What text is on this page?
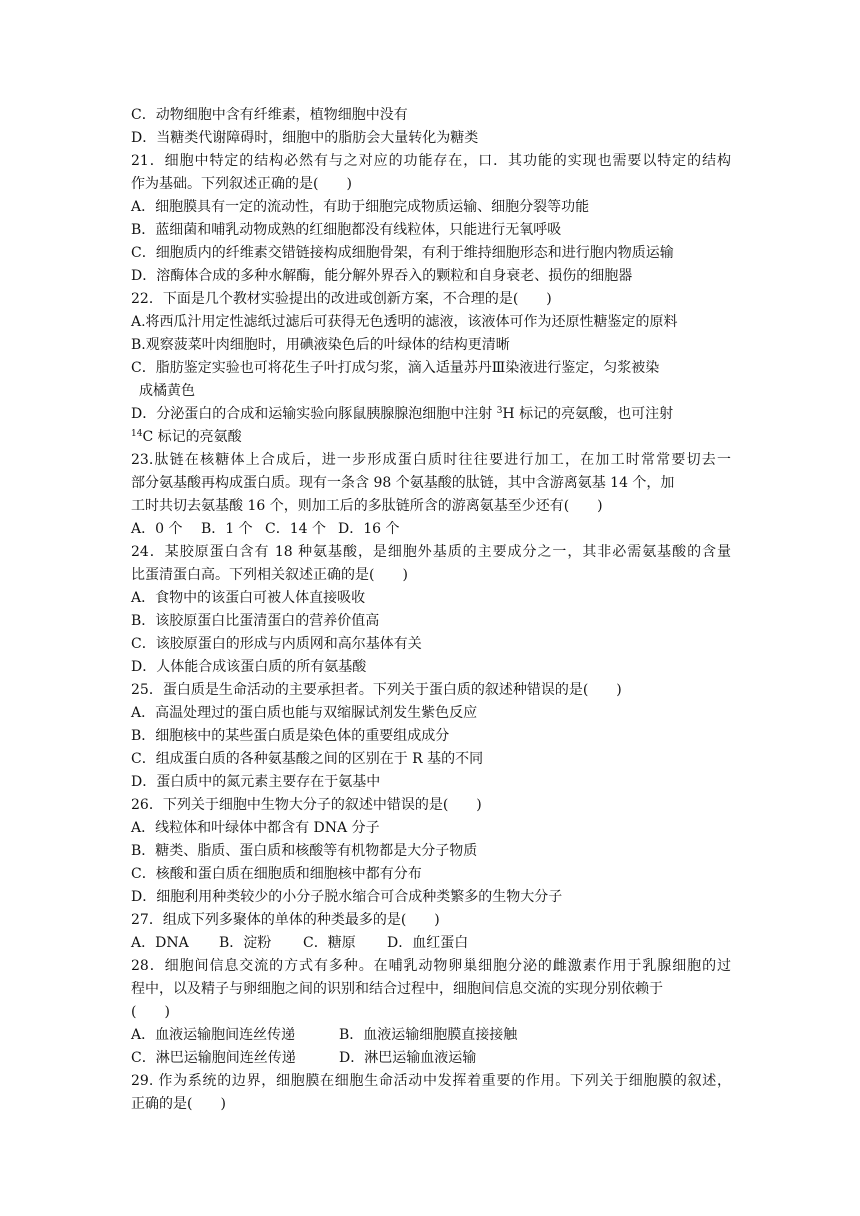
C．动物细胞中含有纤维素，植物细胞中没有
D．当糖类代谢障碍时，细胞中的脂肪会大量转化为糖类
21．细胞中特定的结构必然有与之对应的功能存在，口．其功能的实现也需要以特定的结构
作为基础。下列叙述正确的是(　　)
A．细胞膜具有一定的流动性，有助于细胞完成物质运输、细胞分裂等功能
B．蓝细菌和哺乳动物成熟的红细胞都没有线粒体，只能进行无氧呼吸
C．细胞质内的纤维素交错链接构成细胞骨架，有利于维持细胞形态和进行胞内物质运输
D．溶酶体合成的多种水解酶，能分解外界吞入的颗粒和自身衰老、损伤的细胞器
22．下面是几个教材实验提出的改进或创新方案，不合理的是(　　)
A.将西瓜汁用定性滤纸过滤后可获得无色透明的滤液，该液体可作为还原性糖鉴定的原料
B.观察菠菜叶肉细胞时，用碘液染色后的叶绿体的结构更清晰
C．脂肪鉴定实验也可将花生子叶打成匀浆，滴入适量苏丹Ⅲ染液进行鉴定，匀浆被染
成橘黄色
D．分泌蛋白的合成和运输实验向豚鼠胰腺腺泡细胞中注射 $^3$H 标记的亮氨酸，也可注射
$^{14}$C 标记的亮氨酸
23.肽链在核糖体上合成后，进一步形成蛋白质时往往要进行加工，在加工时常常要切去一
部分氨基酸再构成蛋白质。现有一条含 98 个氨基酸的肽链，其中含游离氨基 14 个，加
工时共切去氨基酸 16 个，则加工后的多肽链所含的游离氨基至少还有(　　)
A．0 个 B．1 个 C．14 个 D．16 个
24．某胶原蛋白含有 18 种氨基酸，是细胞外基质的主要成分之一，其非必需氨基酸的含量
比蛋清蛋白高。下列相关叙述正确的是(　　)
A．食物中的该蛋白可被人体直接吸收
B．该胶原蛋白比蛋清蛋白的营养价值高
C．该胶原蛋白的形成与内质网和高尔基体有关
D．人体能合成该蛋白质的所有氨基酸
25．蛋白质是生命活动的主要承担者。下列关于蛋白质的叙述种错误的是(　　)
A．高温处理过的蛋白质也能与双缩脲试剂发生紫色反应
B．细胞核中的某些蛋白质是染色体的重要组成成分
C．组成蛋白质的各种氨基酸之间的区别在于 R 基的不同
D．蛋白质中的氮元素主要存在于氨基中
26．下列关于细胞中生物大分子的叙述中错误的是(　　)
A．线粒体和叶绿体中都含有 DNA 分子
B．糖类、脂质、蛋白质和核酸等有机物都是大分子物质
C．核酸和蛋白质在细胞质和细胞核中都有分布
D．细胞利用种类较少的小分子脱水缩合可合成种类繁多的生物大分子
27．组成下列多聚体的单体的种类最多的是(　　)
A．DNA B．淀粉 C．糖原 D．血红蛋白
28．细胞间信息交流的方式有多种。在哺乳动物卵巢细胞分泌的雌激素作用于乳腺细胞的过
程中，以及精子与卵细胞之间的识别和结合过程中，细胞间信息交流的实现分别依赖于
(　　)
A．血液运输胞间连丝传递	B．血液运输细胞膜直接接触
C．淋巴运输胞间连丝传递	D．淋巴运输血液运输
29. 作为系统的边界，细胞膜在细胞生命活动中发挥着重要的作用。下列关于细胞膜的叙述，
正确的是(　　)
